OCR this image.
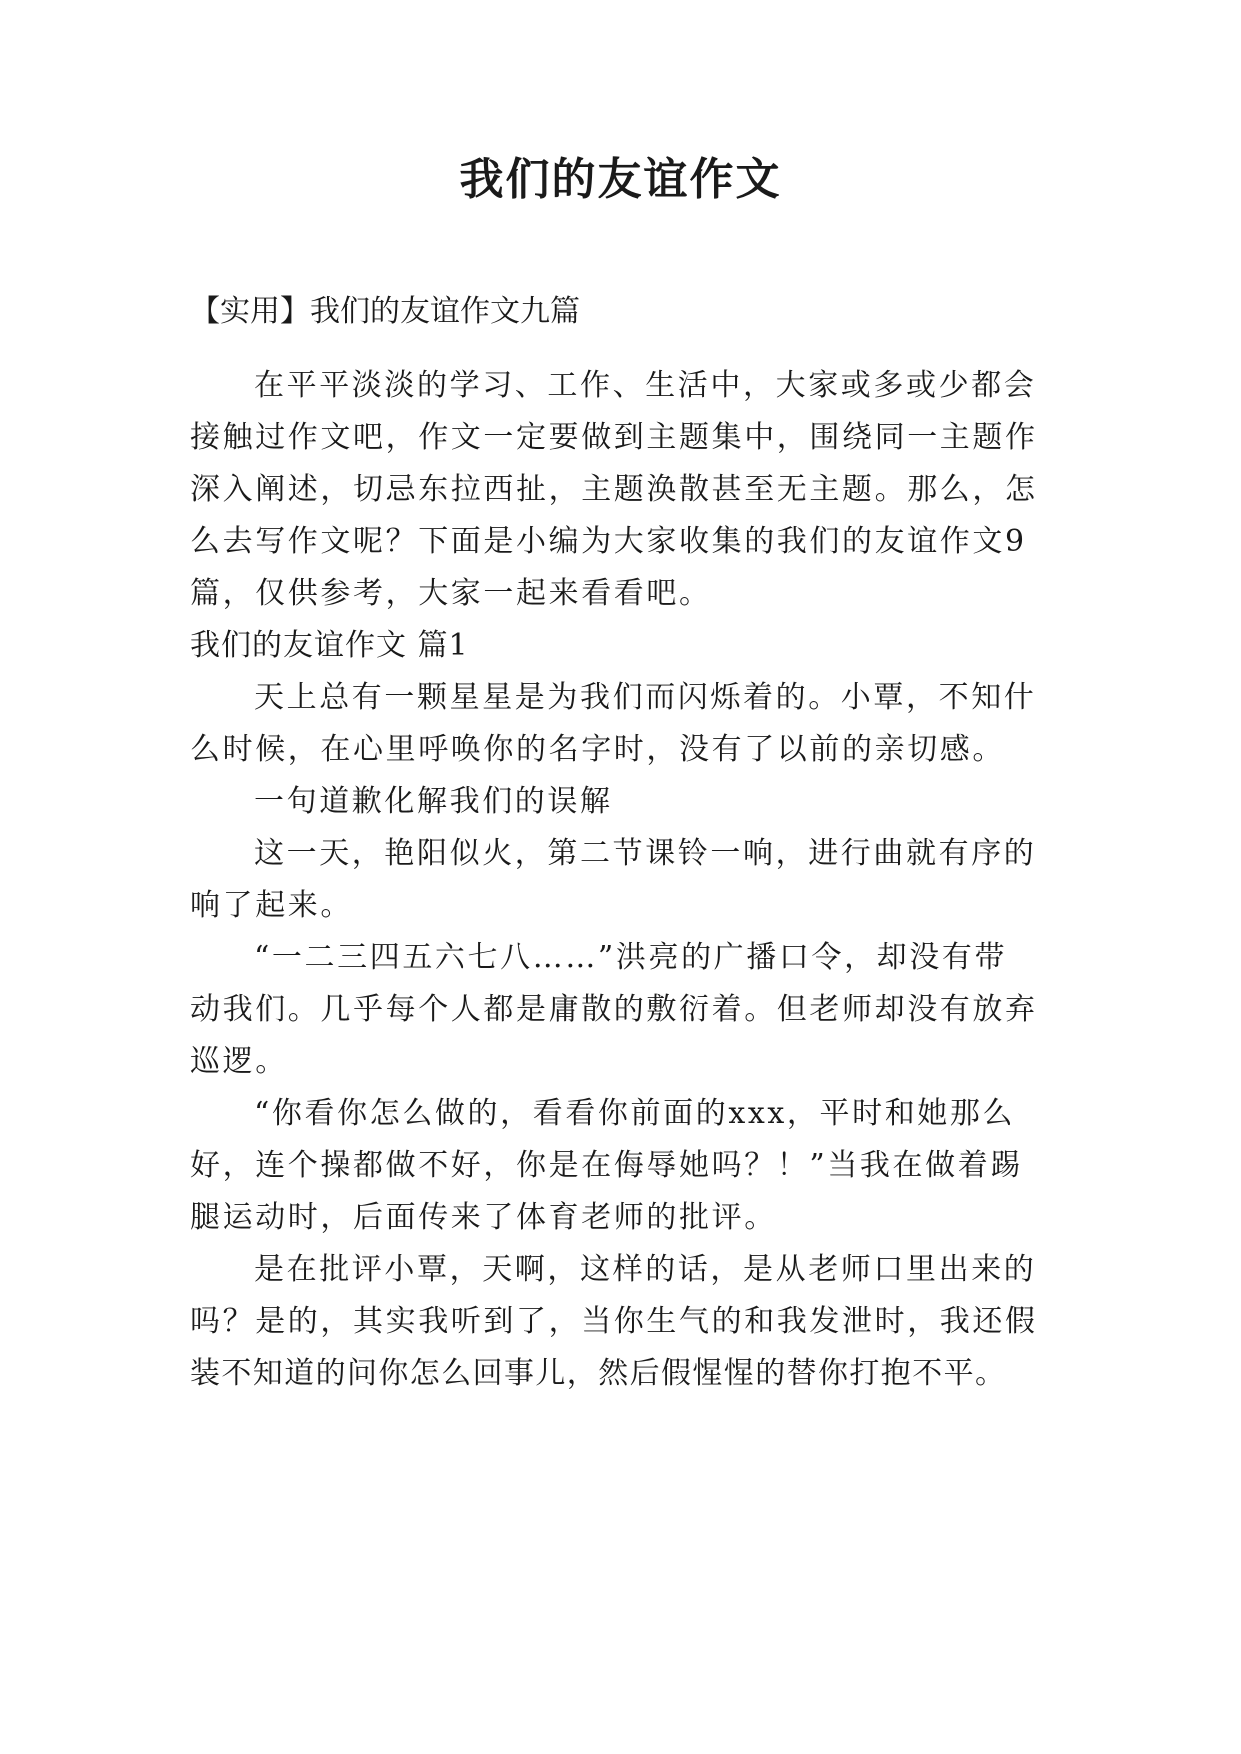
我们的友谊作文

【实用】我们的友谊作文九篇

在平平淡淡的学习、工作、生活中，大家或多或少都会

接触过作文吧，作文一定要做到主题集中，围绕同一主题作

深入阐述，切忌东拉西扯，主题涣散甚至无主题。那么，怎

么去写作文呢？下面是小编为大家收集的我们的友谊作文9

篇，仅供参考，大家一起来看看吧。

我们的友谊作文 篇1

天上总有一颗星星是为我们而闪烁着的。小覃，不知什

么时候，在心里呼唤你的名字时，没有了以前的亲切感。

一句道歉化解我们的误解

这一天，艳阳似火，第二节课铃一响，进行曲就有序的

响了起来。

“一二三四五六七八……”洪亮的广播口令，却没有带

动我们。几乎每个人都是庸散的敷衍着。但老师却没有放弃

巡逻。

“你看你怎么做的，看看你前面的xxx，平时和她那么

好，连个操都做不好，你是在侮辱她吗？！”当我在做着踢

腿运动时，后面传来了体育老师的批评。

是在批评小覃，天啊，这样的话，是从老师口里出来的

吗？是的，其实我听到了，当你生气的和我发泄时，我还假

装不知道的问你怎么回事儿，然后假惺惺的替你打抱不平。
